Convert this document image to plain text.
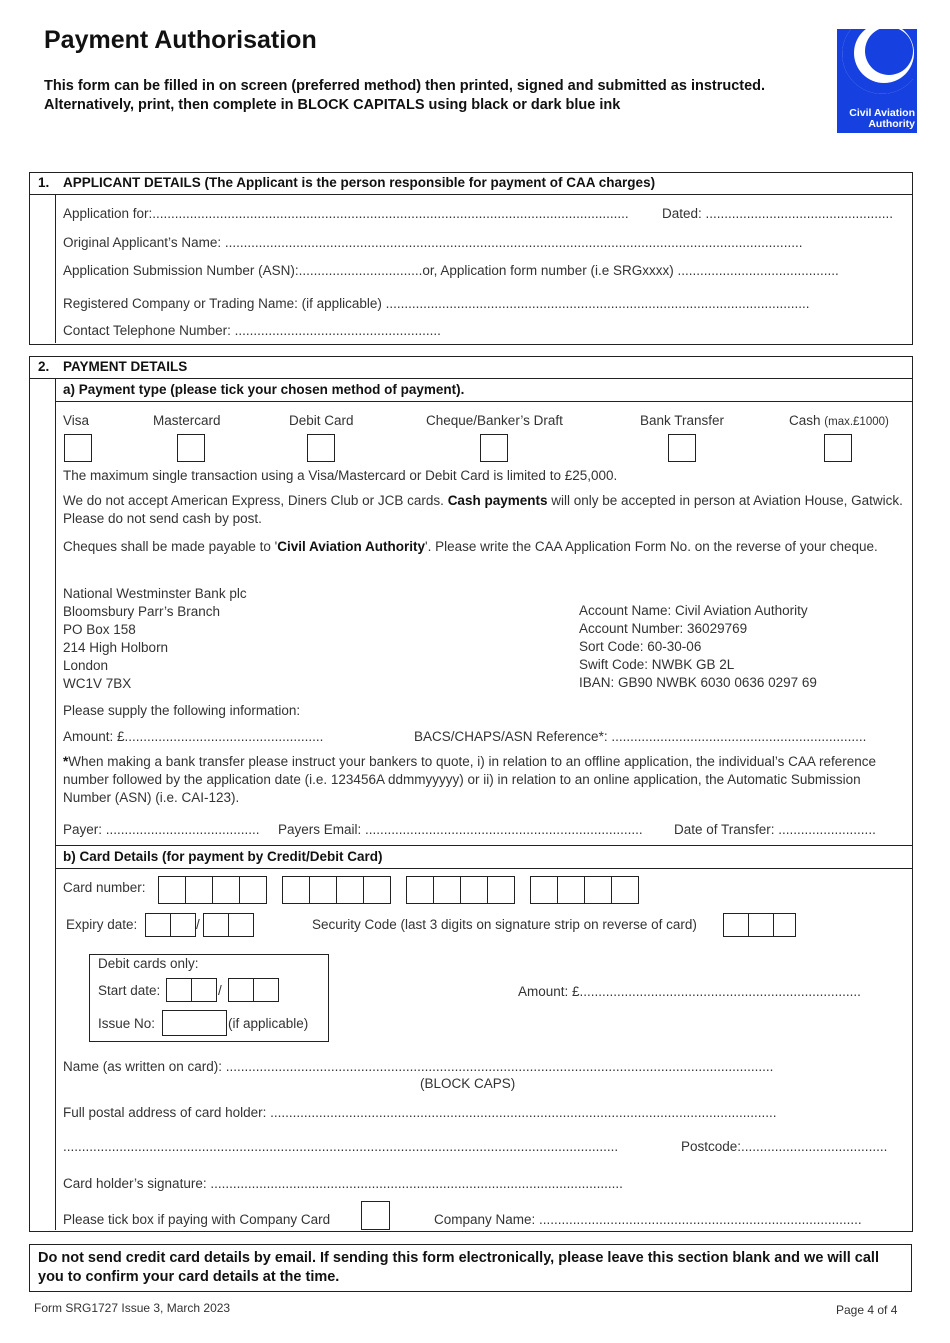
Payment Authorisation
This form can be filled in on screen (preferred method) then printed, signed and submitted as instructed. Alternatively, print, then complete in BLOCK CAPITALS using black or dark blue ink	Civil Aviation
Authority
1. APPLICANT DETAILS (The Applicant is the person responsible for payment of CAA charges)
Application for:............................................................................................................................... Dated: ..................................................
Original Applicant’s Name: ..........................................................................................................................................................
Application Submission Number (ASN):.................................or, Application form number (i.e SRGxxxx) ...........................................
Registered Company or Trading Name: (if applicable) .................................................................................................................
Contact Telephone Number: .......................................................
2. PAYMENT DETAILS
a) Payment type (please tick your chosen method of payment).
Visa	Mastercard	Debit Card	Cheque/Banker’s Draft	Bank Transfer	Cash (max.£1000)
The maximum single transaction using a Visa/Mastercard or Debit Card is limited to £25,000.
We do not accept American Express, Diners Club or JCB cards. Cash payments will only be accepted in person at Aviation House, Gatwick. Please do not send cash by post.
Cheques shall be made payable to 'Civil Aviation Authority'. Please write the CAA Application Form No. on the reverse of your cheque.
National Westminster Bank plc
Bloomsbury Parr’s Branch
PO Box 158
214 High Holborn
London
WC1V 7BX
Account Name: Civil Aviation Authority
Account Number: 36029769
Sort Code: 60-30-06
Swift Code: NWBK GB 2L
IBAN: GB90 NWBK 6030 0636 0297 69
Please supply the following information:
Amount: £.....................................................	BACS/CHAPS/ASN Reference*: ....................................................................
*When making a bank transfer please instruct your bankers to quote, i) in relation to an offline application, the individual’s CAA reference number followed by the application date (i.e. 123456A ddmmyyyyy) or ii) in relation to an online application, the Automatic Submission Number (ASN) (i.e. CAI-123).
Payer: ......................................... Payers Email: .......................................................................... Date of Transfer: ..........................
b) Card Details (for payment by Credit/Debit Card)
Card number:
Expiry date:	/	Security Code (last 3 digits on signature strip on reverse of card)
Debit cards only:
Start date:	/
Issue No:	(if applicable)
Amount: £...........................................................................
Name (as written on card): ..................................................................................................................................................
(BLOCK CAPS)
Full postal address of card holder: .......................................................................................................................................
....................................................................................................................................................	Postcode:.......................................
Card holder’s signature: ..............................................................................................................
Please tick box if paying with Company Card	Company Name: ......................................................................................
Do not send credit card details by email. If sending this form electronically, please leave this section blank and we will call you to confirm your card details at the time.
Form SRG1727 Issue 3, March 2023	Page 4 of 4
